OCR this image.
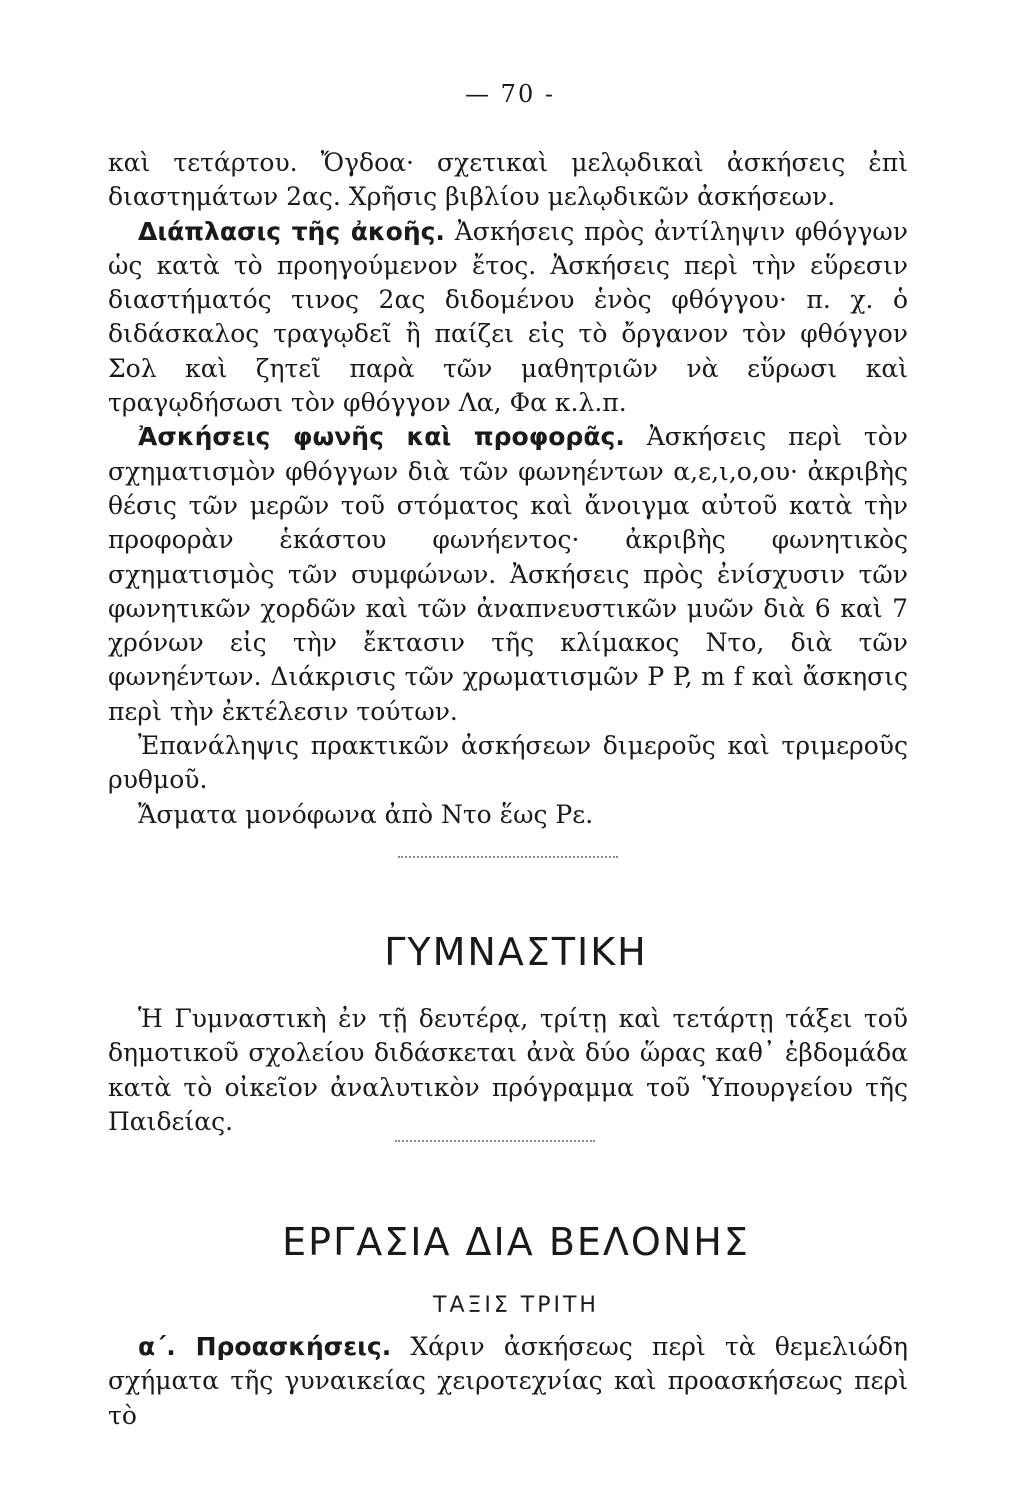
— 70 -

καὶ τετάρτου. Ὄγδοα· σχετικαὶ μελῳδικαὶ ἀσκήσεις ἐπὶ διαστημάτων 2ας. Χρῆσις βιβλίου μελῳδικῶν ἀσκήσεων.

Διάπλασις τῆς ἀκοῆς. Ἀσκήσεις πρὸς ἀντίληψιν φθόγγων ὡς κατὰ τὸ προηγούμενον ἔτος. Ἀσκήσεις περὶ τὴν εὕρεσιν διαστήματός τινος 2ας διδομένου ἑνὸς φθόγγου· π. χ. ὁ διδάσκαλος τραγῳδεῖ ἢ παίζει εἰς τὸ ὄργανον τὸν φθόγγον Σολ καὶ ζητεῖ παρὰ τῶν μαθητριῶν νὰ εὕρωσι καὶ τραγῳδήσωσι τὸν φθόγγον Λα, Φα κ.λ.π.

Ἀσκήσεις φωνῆς καὶ προφορᾶς. Ἀσκήσεις περὶ τὸν σχηματισμὸν φθόγγων διὰ τῶν φωνηέντων α,ε,ι,ο,ου· ἀκριβὴς θέσις τῶν μερῶν τοῦ στόματος καὶ ἄνοιγμα αὐτοῦ κατὰ τὴν προφορὰν ἑκάστου φωνήεντος· ἀκριβὴς φωνητικὸς σχηματισμὸς τῶν συμφώνων. Ἀσκήσεις πρὸς ἐνίσχυσιν τῶν φωνητικῶν χορδῶν καὶ τῶν ἀναπνευστικῶν μυῶν διὰ 6 καὶ 7 χρόνων εἰς τὴν ἔκτασιν τῆς κλίμακος Ντο, διὰ τῶν φωνηέντων. Διάκρισις τῶν χρωματισμῶν P P, m f καὶ ἄσκησις περὶ τὴν ἐκτέλεσιν τούτων.

Ἐπανάληψις πρακτικῶν ἀσκήσεων διμεροῦς καὶ τριμεροῦς ρυθμοῦ.

Ἄσματα μονόφωνα ἀπὸ Ντο ἕως Ρε.

ΓΥΜΝΑΣΤΙΚΗ

Ἡ Γυμναστικὴ ἐν τῇ δευτέρᾳ, τρίτῃ καὶ τετάρτῃ τάξει τοῦ δημοτικοῦ σχολείου διδάσκεται ἀνὰ δύο ὥρας καθ᾽ ἑβδομάδα κατὰ τὸ οἰκεῖον ἀναλυτικὸν πρόγραμμα τοῦ Ὑπουργείου τῆς Παιδείας.

ΕΡΓΑΣΙΑ ΔΙΑ ΒΕΛΟΝΗΣ
ΤΑΞΙΣ ΤΡΙΤΗ

α΄. Προασκήσεις. Χάριν ἀσκήσεως περὶ τὰ θεμελιώδη σχήματα τῆς γυναικείας χειροτεχνίας καὶ προασκήσεως περὶ τὸ
